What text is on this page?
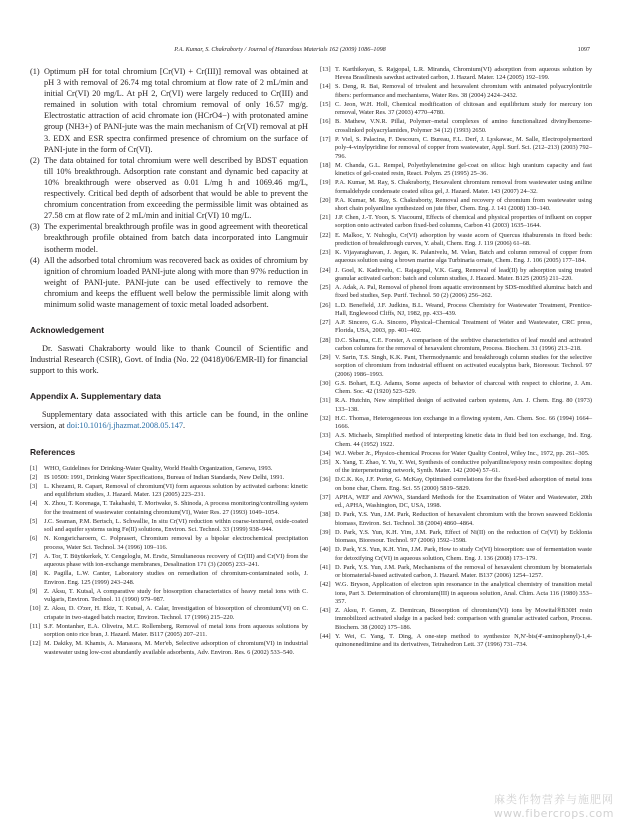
P.A. Kumar, S. Chakraborty / Journal of Hazardous Materials 162 (2009) 1086–1098	1097
(1) Optimum pH for total chromium [Cr(VI) + Cr(III)] removal was obtained at pH 3 with removal of 26.74 mg total chromium at flow rate of 2 mL/min and initial Cr(VI) 20 mg/L. At pH 2, Cr(VI) were largely reduced to Cr(III) and remained in solution with total chromium removal of only 16.57 mg/g. Electrostatic attraction of acid chromate ion (HCrO4−) with protonated amine group (NH3+) of PANI-jute was the main mechanism of Cr(VI) removal at pH 3. EDX and ESR spectra confirmed presence of chromium on the surface of PANI-jute in the form of Cr(VI).
(2) The data obtained for total chromium were well described by BDST equation till 10% breakthrough. Adsorption rate constant and dynamic bed capacity at 10% breakthrough were observed as 0.01 L/mg h and 1069.46 mg/L, respectively. Critical bed depth of adsorbent that would be able to prevent the chromium concentration from exceeding the permissible limit was obtained as 27.58 cm at flow rate of 2 mL/min and initial Cr(VI) 10 mg/L.
(3) The experimental breakthrough profile was in good agreement with theoretical breakthrough profile obtained from batch data incorporated into Langmuir isotherm model.
(4) All the adsorbed total chromium was recovered back as oxides of chromium by ignition of chromium loaded PANI-jute along with more than 97% reduction in weight of PANI-jute. PANI-jute can be used effectively to remove the chromium and keeps the effluent well below the permissible limit along with minimum solid waste management of toxic metal loaded adsorbent.
Acknowledgement

Dr. Saswati Chakraborty would like to thank Council of Scientific and Industrial Research (CSIR), Govt. of India (No. 22 (0418)/06/EMR-II) for financial support to this work.

Appendix A. Supplementary data

Supplementary data associated with this article can be found, in the online version, at doi:10.1016/j.jhazmat.2008.05.147.

References
[1] WHO, Guidelines for Drinking-Water Quality, World Health Organization, Geneva, 1993.
[2] IS 10500: 1991, Drinking Water Specifications, Bureau of Indian Standards, New Delhi, 1991.
[3] L. Khezami, R. Capart, Removal of chromium(VI) form aqueous solution by activated carbons: kinetic and equilibrium studies, J. Hazard. Mater. 123 (2005) 223–231.
[4] X. Zhou, T. Korenaga, T. Takahashi, T. Moriwake, S. Shinoda, A process monitoring/controlling system for the treatment of wastewater containing chromium(VI), Water Res. 27 (1993) 1049–1054.
[5] J.C. Seaman, P.M. Bertsch, L. Schwallie, In situ Cr(VI) reduction within coarse-textured, oxide-coated soil and aquifer systems using Fe(II) solutions, Environ. Sci. Technol. 33 (1999) 938–944.
[6] N. Kongsricharoern, C. Polprasert, Chromium removal by a bipolar electrochemical precipitation process, Water Sci. Technol. 34 (1996) 109–116.
[7] A. Tor, T. Büyükerkek, Y. Cengeloglu, M. Ersöz, Simultaneous recovery of Cr(III) and Cr(VI) from the aqueous phase with ion-exchange membranes, Desalination 171 (3) (2005) 233–241.
[8] K. Pagilla, L.W. Canter, Laboratory studies on remediation of chromium-contaminated soils, J. Environ. Eng. 125 (1999) 243–248.
[9] Z. Aksu, T. Kutsal, A comparative study for biosorption characteristics of heavy metal ions with C. vulgaris, Environ. Technol. 11 (1990) 979–987.
[10] Z. Aksu, D. O'zer, H. Ekiz, T. Kutsal, A. Calar, Investigation of biosorption of chromium(VI) on C. crispate in two-staged batch reactor, Environ. Technol. 17 (1996) 215–220.
[11] S.F. Montanher, E.A. Oliveira, M.C. Rollemberg, Removal of metal ions from aqueous solutions by sorption onto rice bran, J. Hazard. Mater. B117 (2005) 207–211.
[12] M. Dakiky, M. Khamis, A. Manassra, M. Mer'eb, Selective adsorption of chromium(VI) in industrial wastewater using low-cost abundantly available adsorbents, Adv. Environ. Res. 6 (2002) 533–540.
[13] T. Karthikeyan, S. Rajgopal, L.R. Miranda, Chromium(VI) adsorption from aqueous solution by Hevea Brasilinesis sawdust activated carbon, J. Hazard. Mater. 124 (2005) 192–199.
[14] S. Deng, R. Bai, Removal of trivalent and hexavalent chromium with animated polyacrylonitrile fibers: performance and mechanisms, Water Res. 38 (2004) 2424–2432.
[15] C. Jeon, W.H. Holl, Chemical modification of chitosan and equilibrium study for mercury ion removal, Water Res. 37 (2003) 4770–4780.
[16] B. Mathew, V.N.R. Pillai, Polymer–metal complexes of amino functionalized divinylbenzene-crosslinked polyacrylamides, Polymer 34 (12) (1993) 2650.
[17] P. Viel, S. Palacina, F. Descours, C. Bureau, F.L. Derf, J. Lyskawac, M. Salle, Electropolymerized poly-4-vinylpyridine for removal of copper from wastewater, Appl. Surf. Sci. (212–213) (2003) 792–796.
[18] M. Chanda, G.L. Rempel, Polyethyleneimine gel-coat on silica: high uranium capacity and fast kinetics of gel-coated resin, React. Polym. 25 (1995) 25–36.
[19] P.A. Kumar, M. Ray, S. Chakraborty, Hexavalent chromium removal from wastewater using aniline formaldehyde condensate coated silica gel, J. Hazard. Mater. 143 (2007) 24–32.
[20] P.A. Kumar, M. Ray, S. Chakraborty, Removal and recovery of chromium from wastewater using short chain polyaniline synthesized on jute fiber, Chem. Eng. J. 141 (2008) 130–140.
[21] J.P. Chen, J.-T. Yoon, S. Yiacoumi, Effects of chemical and physical properties of influent on copper sorption onto activated carbon fixed-bed columns, Carbon 41 (2003) 1635–1644.
[22] E. Malkoc, Y. Nuhoglu, Cr(VI) adsorption by waste acorn of Quercus ithaburensis in fixed beds: prediction of breakthrough curves, Y. abali, Chem. Eng. J. 119 (2006) 61–68.
[23] K. Vijayaraghavan, J. Jegan, K. Palanivelu, M. Velan, Batch and column removal of copper from aqueous solution using a brown marine alga Turbinaria ornate, Chem. Eng. J. 106 (2005) 177–184.
[24] J. Goel, K. Kadirvelu, C. Rajagopal, V.K. Garg, Removal of lead(II) by adsorption using treated granular activated carbon: batch and column studies, J. Hazard. Mater. B125 (2005) 211–220.
[25] A. Adak, A. Pal, Removal of phenol from aquatic environment by SDS-modified alumina: batch and fixed bed studies, Sep. Purif. Technol. 50 (2) (2006) 256–262.
[26] L.D. Benefield, J.F. Judkins, B.L. Weand, Process Chemistry for Wastewater Treatment, Prentice-Hall, Englewood Cliffs, NJ, 1982, pp. 433–439.
[27] A.P. Sincero, G.A. Sincero, Physical–Chemical Treatment of Water and Wastewater, CRC press, Florida, USA, 2003, pp. 401–402.
[28] D.C. Sharma, C.E. Forster, A comparison of the sorbtive characteristics of leaf mould and activated carbon columns for the removal of hexavalent chromium, Process. Biochem. 31 (1996) 213–218.
[29] V. Sarin, T.S. Singh, K.K. Pant, Thermodynamic and breakthrough column studies for the selective sorption of chromium from industrial effluent on activated eucalyptus bark, Bioresour. Technol. 97 (2006) 1986–1993.
[30] G.S. Bohart, E.Q. Adams, Some aspects of behavior of charcoal with respect to chlorine, J. Am. Chem. Soc. 42 (1920) 523–529.
[31] R.A. Hutchin, New simplified design of activated carbon systems, Am. J. Chem. Eng. 80 (1973) 133–138.
[32] H.C. Thomas, Heterogeneous ion exchange in a flowing system, Am. Chem. Soc. 66 (1994) 1664–1666.
[33] A.S. Michaels, Simplified method of interpreting kinetic data in fluid bed ion exchange, Ind. Eng. Chem. 44 (1952) 1922.
[34] W.J. Weber Jr., Physico-chemical Process for Water Quality Control, Wiley Inc., 1972, pp. 261–305.
[35] X. Yang, T. Zhao, Y. Yu, Y. Wei, Synthesis of conductive polyaniline/epoxy resin composites: doping of the interpenetrating network, Synth. Mater. 142 (2004) 57–61.
[36] D.C.K. Ko, J.F. Porter, G. McKay, Optimised correlations for the fixed-bed adsorption of metal ions on bone char, Chem. Eng. Sci. 55 (2000) 5819–5829.
[37] APHA, WEF and AWWA, Standard Methods for the Examination of Water and Wastewater, 20th ed., APHA, Washington, DC, USA, 1998.
[38] D. Park, Y.S. Yun, J.M. Park, Reduction of hexavalent chromium with the brown seaweed Ecklonia biomass, Environ. Sci. Technol. 38 (2004) 4860–4864.
[39] D. Park, Y.S. Yun, K.H. Yim, J.M. Park, Effect of Ni(II) on the reduction of Cr(VI) by Ecklonia biomass, Bioresour. Technol. 97 (2006) 1592–1598.
[40] D. Park, Y.S. Yun, K.H. Yim, J.M. Park, How to study Cr(VI) biosorption: use of fermentation waste for detoxifying Cr(VI) in aqueous solution, Chem. Eng. J. 136 (2008) 173–179.
[41] D. Park, Y.S. Yun, J.M. Park, Mechanisms of the removal of hexavalent chromium by biomaterials or biomaterial-based activated carbon, J. Hazard. Mater. B137 (2006) 1254–1257.
[42] W.G. Bryson, Application of electron spin resonance in the analytical chemistry of transition metal ions, Part 3. Determination of chromium(III) in aqueous solution, Anal. Chim. Acta 116 (1980) 353–357.
[43] Z. Aksu, F. Gonen, Z. Demircan, Biosorption of chromium(VI) ions by Mowital®B30H resin immobilized activated sludge in a packed bed: comparison with granular activated carbon, Process. Biochem. 38 (2002) 175–186.
[44] Y. Wei, C. Yang, T. Ding, A one-step method to synthesize N,N′-bis(4′-aminophenyl)-1,4-quinonenediimine and its derivatives, Tetrahedron Lett. 37 (1996) 731–734.
麻类作物营养与施肥网
www.fibercrops.com
